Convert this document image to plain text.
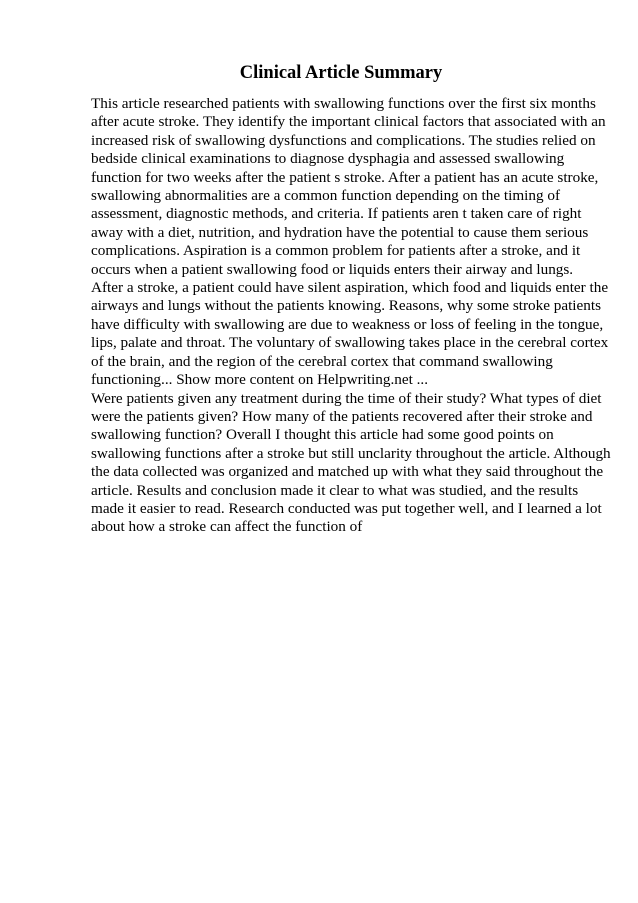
Clinical Article Summary
This article researched patients with swallowing functions over the first six months
after acute stroke. They identify the important clinical factors that associated with an
increased risk of swallowing dysfunctions and complications. The studies relied on
bedside clinical examinations to diagnose dysphagia and assessed swallowing
function for two weeks after the patient s stroke. After a patient has an acute stroke,
swallowing abnormalities are a common function depending on the timing of
assessment, diagnostic methods, and criteria. If patients aren t taken care of right
away with a diet, nutrition, and hydration have the potential to cause them serious
complications. Aspiration is a common problem for patients after a stroke, and it
occurs when a patient swallowing food or liquids enters their airway and lungs.
After a stroke, a patient could have silent aspiration, which food and liquids enter the
airways and lungs without the patients knowing. Reasons, why some stroke patients
have difficulty with swallowing are due to weakness or loss of feeling in the tongue,
lips, palate and throat. The voluntary of swallowing takes place in the cerebral cortex
of the brain, and the region of the cerebral cortex that command swallowing
functioning... Show more content on Helpwriting.net ...
Were patients given any treatment during the time of their study? What types of diet
were the patients given? How many of the patients recovered after their stroke and
swallowing function? Overall I thought this article had some good points on
swallowing functions after a stroke but still unclarity throughout the article. Although
the data collected was organized and matched up with what they said throughout the
article. Results and conclusion made it clear to what was studied, and the results
made it easier to read. Research conducted was put together well, and I learned a lot
about how a stroke can affect the function of
